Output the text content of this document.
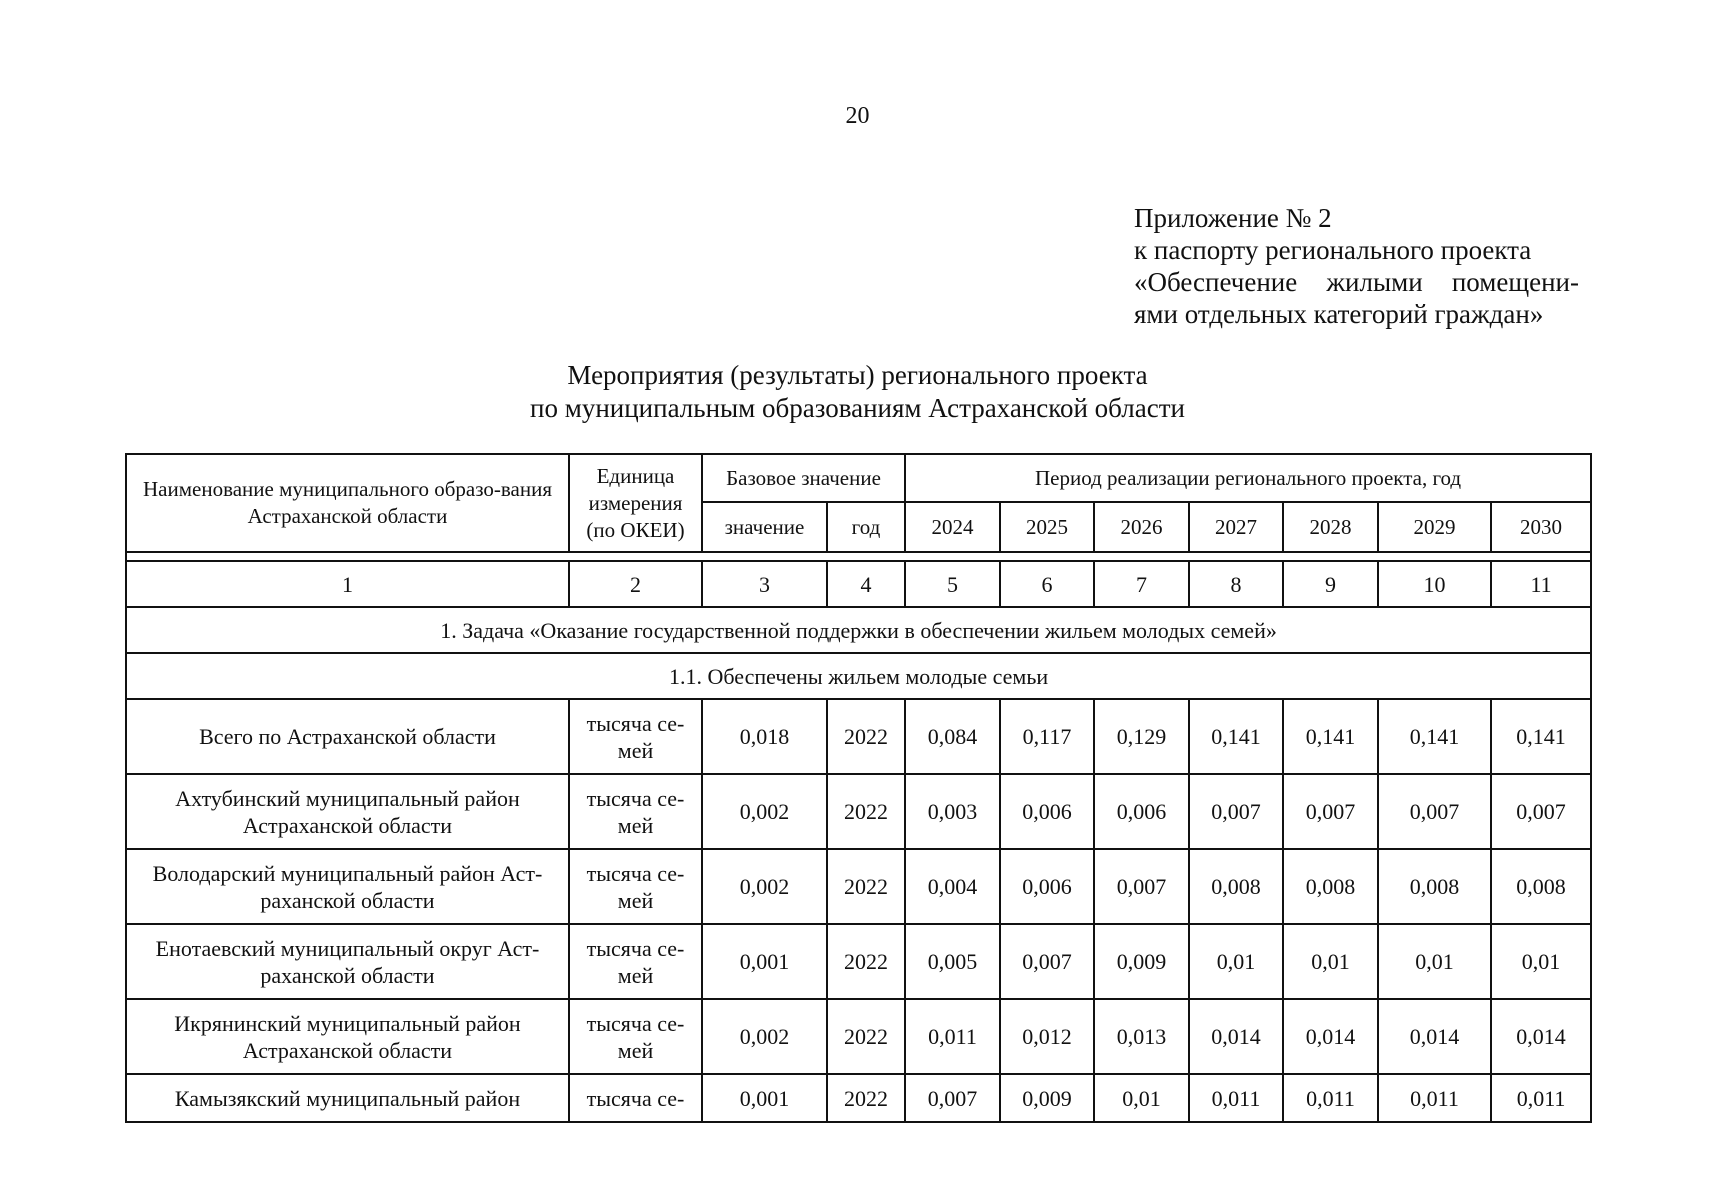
20
Приложение № 2
к паспорту регионального проекта
«Обеспечение жилыми помещени-
ями отдельных категорий граждан»
Мероприятия (результаты) регионального проекта
по муниципальным образованиям Астраханской области
Наименование муниципального образо-вания Астраханской области	Единица измерения (по ОКЕИ)	Базовое значение		Период реализации регионального проекта, год						
		значение	год	2024	2025	2026	2027	2028	2029	2030

1	2	3	4	5	6	7	8	9	10	11
1. Задача «Оказание государственной поддержки в обеспечении жильем молодых семей»										
1.1. Обеспечены жильем молодые семьи										
Всего по Астраханской области	тысяча се-мей	0,018	2022	0,084	0,117	0,129	0,141	0,141	0,141	0,141
Ахтубинский муниципальный район Астраханской области	тысяча се-мей	0,002	2022	0,003	0,006	0,006	0,007	0,007	0,007	0,007
Володарский муниципальный район Аст-раханской области	тысяча се-мей	0,002	2022	0,004	0,006	0,007	0,008	0,008	0,008	0,008
Енотаевский муниципальный округ Аст-раханской области	тысяча се-мей	0,001	2022	0,005	0,007	0,009	0,01	0,01	0,01	0,01
Икрянинский муниципальный район Астраханской области	тысяча се-мей	0,002	2022	0,011	0,012	0,013	0,014	0,014	0,014	0,014
Камызякский муниципальный район	тысяча се-	0,001	2022	0,007	0,009	0,01	0,011	0,011	0,011	0,011
